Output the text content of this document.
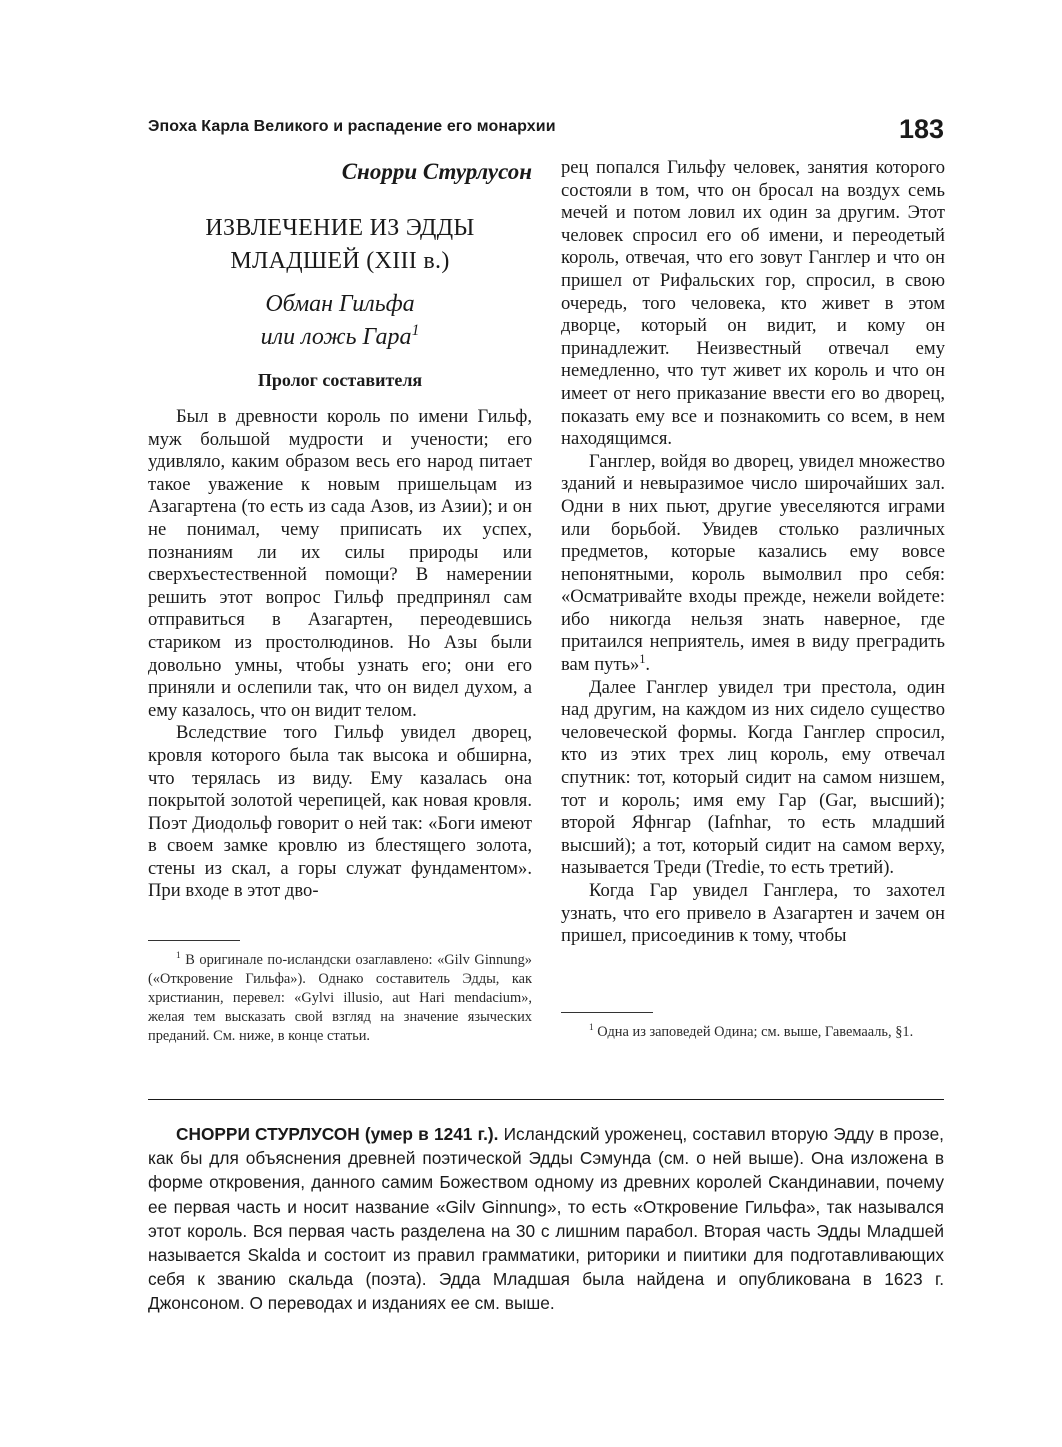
Эпоха Карла Великого и распадение его монархии	183
Снорри Стурлусон
ИЗВЛЕЧЕНИЕ ИЗ ЭДДЫ
МЛАДШЕЙ (XIII в.)
Обман Гильфа
или ложь Гара$^1$
Пролог составителя

Был в древности король по имени Гильф, муж большой мудрости и учености; его удивляло, каким образом весь его народ питает такое уважение к новым пришельцам из Азагартена (то есть из сада Азов, из Азии); и он не понимал, чему приписать их успех, познаниям ли их силы природы или сверхъестественной помощи? В намерении решить этот вопрос Гильф предпринял сам отправиться в Азагартен, переодевшись стариком из простолюдинов. Но Азы были довольно умны, чтобы узнать его; они его приняли и ослепили так, что он видел духом, а ему казалось, что он видит телом.

Вследствие того Гильф увидел дворец, кровля которого была так высока и обширна, что терялась из виду. Ему казалась она покрытой золотой черепицей, как новая кровля. Поэт Диодольф говорит о ней так: «Боги имеют в своем замке кровлю из блестящего золота, стены из скал, а горы служат фундаментом». При входе в этот дво-

$^1$ В оригинале по-исландски озаглавлено: «Gilv Ginnung» («Откровение Гильфа»). Однако составитель Эдды, как христианин, перевел: «Gylvi illusio, aut Hari mendacium», желая тем высказать свой взгляд на значение языческих преданий. См. ниже, в конце статьи.

рец попался Гильфу человек, занятия которого состояли в том, что он бросал на воздух семь мечей и потом ловил их один за другим. Этот человек спросил его об имени, и переодетый король, отвечая, что его зовут Ганглер и что он пришел от Рифальских гор, спросил, в свою очередь, того человека, кто живет в этом дворце, который он видит, и кому он принадлежит. Неизвестный отвечал ему немедленно, что тут живет их король и что он имеет от него приказание ввести его во дворец, показать ему все и познакомить со всем, в нем находящимся.

Ганглер, войдя во дворец, увидел множество зданий и невыразимое число широчайших зал. Одни в них пьют, другие увеселяются играми или борьбой. Увидев столько различных предметов, которые казались ему вовсе непонятными, король вымолвил про себя: «Осматривайте входы прежде, нежели войдете: ибо никогда нельзя знать наверное, где притаился неприятель, имея в виду преградить вам путь»$^1$.

Далее Ганглер увидел три престола, один над другим, на каждом из них сидело существо человеческой формы. Когда Ганглер спросил, кто из этих трех лиц король, ему отвечал спутник: тот, который сидит на самом низшем, тот и король; имя ему Гар (Gar, высший); второй Яфнгар (Iafnhar, то есть младший высший); а тот, который сидит на самом верху, называется Треди (Tredie, то есть третий).

Когда Гар увидел Ганглера, то захотел узнать, что его привело в Азагартен и зачем он пришел, присоединив к тому, чтобы

$^1$ Одна из заповедей Одина; см. выше, Гавемааль, §1.

СНОРРИ СТУРЛУСОН (умер в 1241 г.). Исландский уроженец, составил вторую Эдду в прозе, как бы для объяснения древней поэтической Эдды Сэмунда (см. о ней выше). Она изложена в форме откровения, данного самим Божеством одному из древних королей Скандинавии, почему ее первая часть и носит название «Gilv Ginnung», то есть «Откровение Гильфа», так назывался этот король. Вся первая часть разделена на 30 с лишним парабол. Вторая часть Эдды Младшей называется Skalda и состоит из правил грамматики, риторики и пиитики для подготавливающих себя к званию скальда (поэта). Эдда Младшая была найдена и опубликована в 1623 г. Джонсоном. О переводах и изданиях ее см. выше.
